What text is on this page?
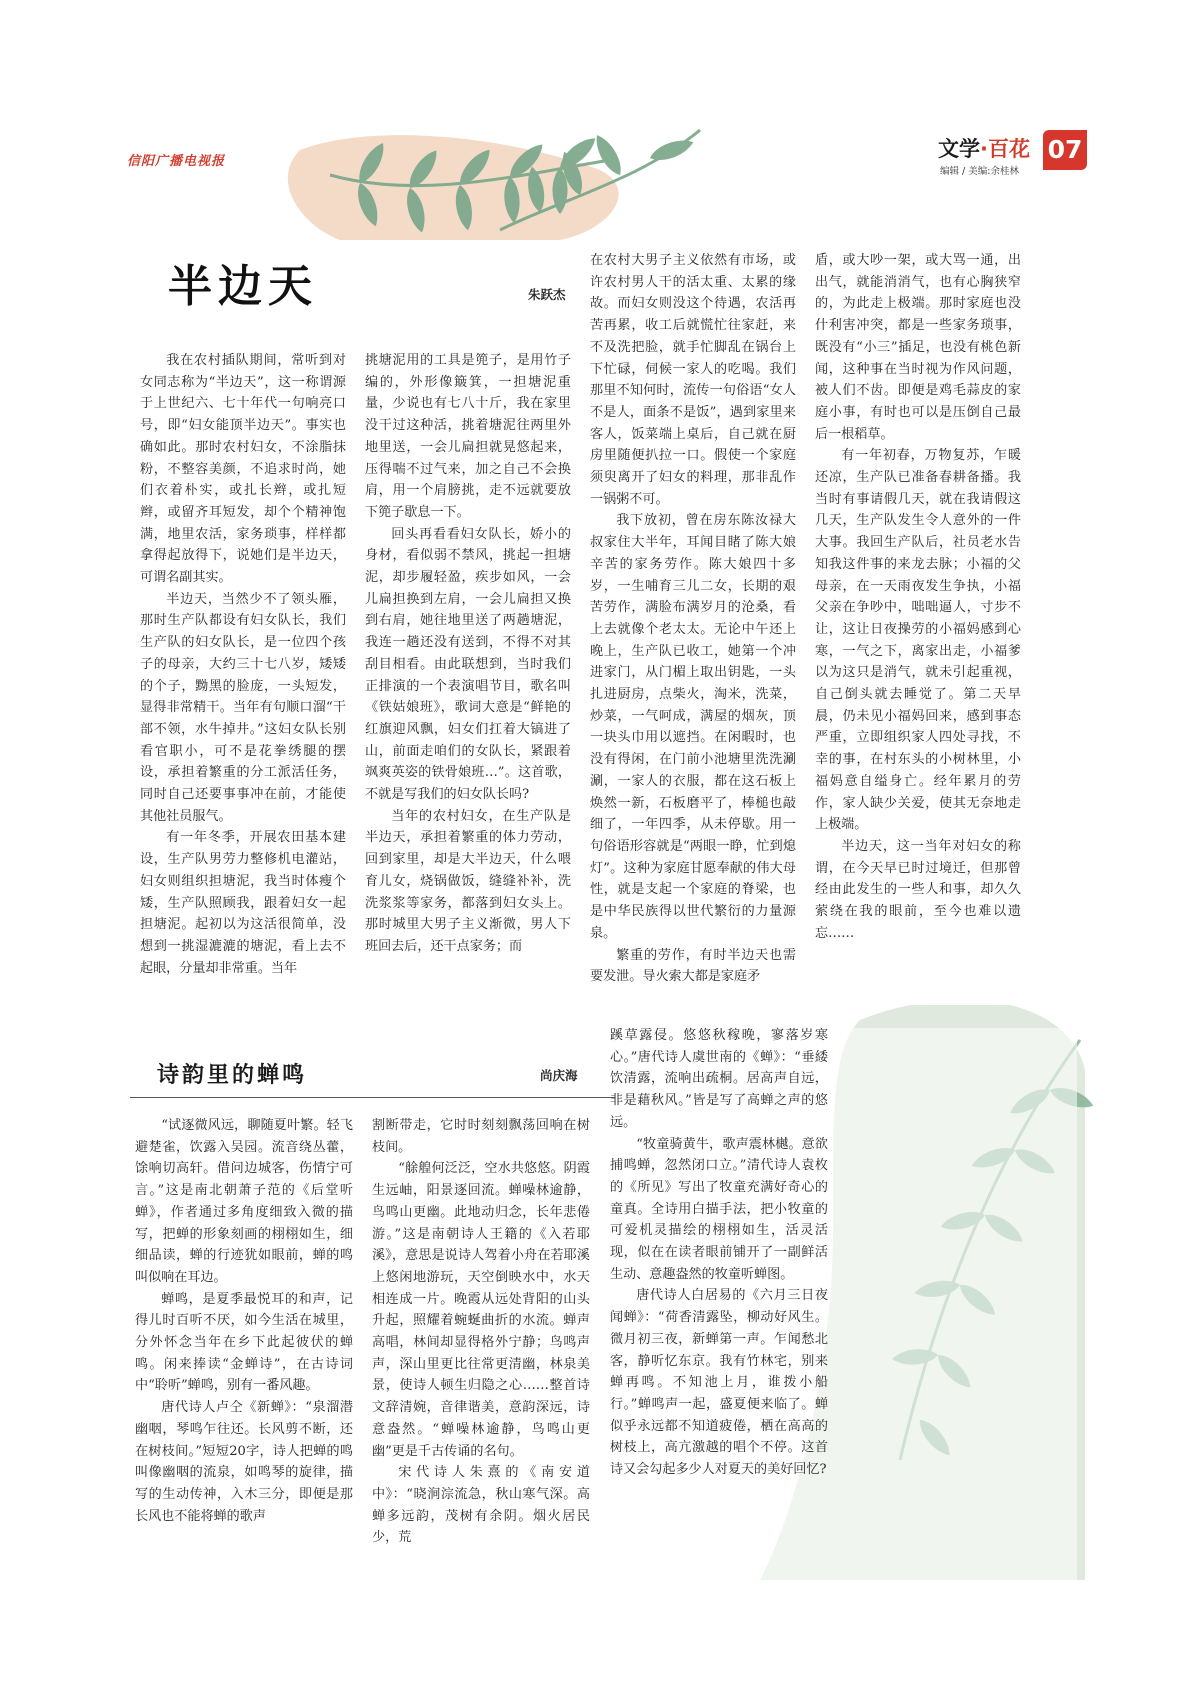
信阳广播电视报
文学·百花
编辑 / 美编:余桂林
07
半边天	朱跃杰

我在农村插队期间，常听到对女同志称为“半边天”，这一称谓源于上世纪六、七十年代一句响亮口号，即“妇女能顶半边天”。事实也确如此。那时农村妇女，不涂脂抹粉，不整容美颜，不追求时尚，她们衣着朴实，或扎长辫，或扎短辫，或留齐耳短发，却个个精神饱满，地里农活，家务琐事，样样都拿得起放得下，说她们是半边天，可谓名副其实。

半边天，当然少不了领头雁，那时生产队都设有妇女队长，我们生产队的妇女队长，是一位四个孩子的母亲，大约三十七八岁，矮矮的个子，黝黑的脸庞，一头短发，显得非常精干。当年有句顺口溜“干部不领，水牛掉井。”这妇女队长别看官职小，可不是花拳绣腿的摆设，承担着繁重的分工派活任务，同时自己还要事事冲在前，才能使其他社员服气。

有一年冬季，开展农田基本建设，生产队男劳力整修机电灌站，妇女则组织担塘泥，我当时体瘦个矮，生产队照顾我，跟着妇女一起担塘泥。起初以为这活很简单，没想到一挑湿漉漉的塘泥，看上去不起眼，分量却非常重。当年

挑塘泥用的工具是篼子，是用竹子编的，外形像簸箕，一担塘泥重量，少说也有七八十斤，我在家里没干过这种活，挑着塘泥往两里外地里送，一会儿扁担就晃悠起来，压得喘不过气来，加之自己不会换肩，用一个肩膀挑，走不远就要放下篼子歇息一下。

回头再看看妇女队长，娇小的身材，看似弱不禁风，挑起一担塘泥，却步履轻盈，疾步如风，一会儿扁担换到左肩，一会儿扁担又换到右肩，她往地里送了两趟塘泥，我连一趟还没有送到，不得不对其刮目相看。由此联想到，当时我们正排演的一个表演唱节目，歌名叫《铁姑娘班》，歌词大意是“鲜艳的红旗迎风飘，妇女们扛着大镐进了山，前面走咱们的女队长，紧跟着飒爽英姿的铁骨娘班…”。这首歌，不就是写我们的妇女队长吗?

当年的农村妇女，在生产队是半边天，承担着繁重的体力劳动，回到家里，却是大半边天，什么喂育儿女，烧锅做饭，缝缝补补，洗洗浆浆等家务，都落到妇女头上。那时城里大男子主义渐微，男人下班回去后，还干点家务；而

在农村大男子主义依然有市场，或许农村男人干的活太重、太累的缘故。而妇女则没这个待遇，农活再苦再累，收工后就慌忙往家赶，来不及洗把脸，就手忙脚乱在锅台上下忙碌，伺候一家人的吃喝。我们那里不知何时，流传一句俗语“女人不是人，面条不是饭”，遇到家里来客人，饭菜端上桌后，自己就在厨房里随便扒拉一口。假使一个家庭须臾离开了妇女的料理，那非乱作一锅粥不可。

我下放初，曾在房东陈汝禄大叔家住大半年，耳闻目睹了陈大娘辛苦的家务劳作。陈大娘四十多岁，一生哺育三儿二女，长期的艰苦劳作，满脸布满岁月的沧桑，看上去就像个老太太。无论中午还上晚上，生产队已收工，她第一个冲进家门，从门楣上取出钥匙，一头扎进厨房，点柴火，淘米，洗菜，炒菜，一气呵成，满屋的烟灰，顶一块头巾用以遮挡。在闲暇时，也没有得闲，在门前小池塘里洗洗涮涮，一家人的衣服，都在这石板上焕然一新，石板磨平了，棒槌也敲细了，一年四季，从未停歇。用一句俗语形容就是“两眼一睁，忙到熄灯”。这种为家庭甘愿奉献的伟大母性，就是支起一个家庭的脊梁，也是中华民族得以世代繁衍的力量源泉。

繁重的劳作，有时半边天也需要发泄。导火索大都是家庭矛

盾，或大吵一架，或大骂一通，出出气，就能消消气，也有心胸狭窄的，为此走上极端。那时家庭也没什利害冲突，都是一些家务琐事，既没有“小三”插足，也没有桃色新闻，这种事在当时视为作风问题，被人们不齿。即便是鸡毛蒜皮的家庭小事，有时也可以是压倒自己最后一根稻草。

有一年初春，万物复苏，乍暖还凉，生产队已准备春耕备播。我当时有事请假几天，就在我请假这几天，生产队发生令人意外的一件大事。我回生产队后，社员老水告知我这件事的来龙去脉；小福的父母亲，在一天雨夜发生争执，小福父亲在争吵中，咄咄逼人，寸步不让，这让日夜操劳的小福妈感到心寒，一气之下，离家出走，小福爹以为这只是消气，就未引起重视，自己倒头就去睡觉了。第二天早晨，仍未见小福妈回来，感到事态严重，立即组织家人四处寻找，不幸的事，在村东头的小树林里，小福妈意自缢身亡。经年累月的劳作，家人缺少关爱，使其无奈地走上极端。

半边天，这一当年对妇女的称谓，在今天早已时过境迁，但那曾经由此发生的一些人和事，却久久萦绕在我的眼前，至今也难以遗忘……

诗韵里的蝉鸣	尚庆海

“试逐微风远，聊随夏叶繁。轻飞避楚雀，饮露入吴园。流音绕丛藿，馀响切高轩。借问边城客，伤情宁可言。”这是南北朝萧子范的《后堂听蝉》，作者通过多角度细致入微的描写，把蝉的形象刻画的栩栩如生，细细品读，蝉的行迹犹如眼前，蝉的鸣叫似响在耳边。

蝉鸣，是夏季最悦耳的和声，记得儿时百听不厌，如今生活在城里，分外怀念当年在乡下此起彼伏的蝉鸣。闲来捧读“金蝉诗”，在古诗词中“聆听”蝉鸣，别有一番风趣。

唐代诗人卢仝《新蝉》：“泉溜潜幽咽，琴鸣乍往还。长风剪不断，还在树枝间。”短短20字，诗人把蝉的鸣叫像幽咽的流泉，如鸣琴的旋律，描写的生动传神，入木三分，即便是那长风也不能将蝉的歌声

割断带走，它时时刻刻飘荡回响在树枝间。

“艅艎何泛泛，空水共悠悠。阴霞生远岫，阳景逐回流。蝉噪林逾静，鸟鸣山更幽。此地动归念，长年悲倦游。”这是南朝诗人王籍的《入若耶溪》，意思是说诗人驾着小舟在若耶溪上悠闲地游玩，天空倒映水中，水天相连成一片。晚霞从远处背阳的山头升起，照耀着蜿蜒曲折的水流。蝉声高唱，林间却显得格外宁静；鸟鸣声声，深山里更比往常更清幽，林泉美景，使诗人顿生归隐之心……整首诗文辞清婉，音律谐美，意韵深远，诗意盎然。“蝉噪林逾静，鸟鸣山更幽”更是千古传诵的名句。

宋代诗人朱熹的《南安道中》：“晓涧淙流急，秋山寒气深。高蝉多远韵，茂树有余阴。烟火居民少，荒

蹊草露侵。悠悠秋稼晚，寥落岁寒心。”唐代诗人虞世南的《蝉》：“垂緌饮清露，流响出疏桐。居高声自远，非是藉秋风。”皆是写了高蝉之声的悠远。

“牧童骑黄牛，歌声震林樾。意欲捕鸣蝉，忽然闭口立。”清代诗人袁枚的《所见》写出了牧童充满好奇心的童真。全诗用白描手法，把小牧童的可爱机灵描绘的栩栩如生，活灵活现，似在在读者眼前铺开了一副鲜活生动、意趣盎然的牧童听蝉图。

唐代诗人白居易的《六月三日夜闻蝉》：“荷香清露坠，柳动好风生。微月初三夜，新蝉第一声。乍闻愁北客，静听忆东京。我有竹林宅，别来蝉再鸣。不知池上月，谁拨小船行。”蝉鸣声一起，盛夏便来临了。蝉似乎永远都不知道疲倦，栖在高高的树枝上，高亢激越的唱个不停。这首诗又会勾起多少人对夏天的美好回忆?
